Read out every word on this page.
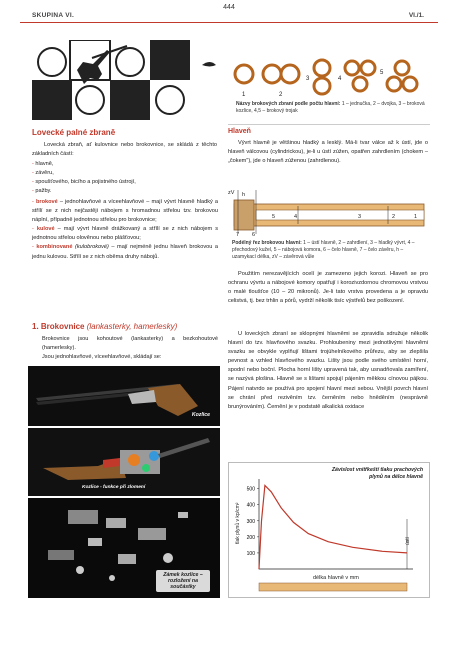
444
SKUPINA VI.	VI./1.
Lovecké palné zbraně
Lovecká zbraň, ať kulovnice nebo brokovnice, se skládá z těchto základních částí:
- hlavně,
- závěru,
- spoušťového, bicího a pojistného ústrojí,
- pažby.
- brokové – jednohlavňové a víceehlavňové – mají vývrt hlavně hladký a střílí se z nich nejčastěji nábojem s hromadnou střelou tzv. brokovou náplní, případně jednotnou střelou pro brokovnice;
- kulové – mají vývrt hlavně drážkovaný a střílí se z nich nábojem s jednotnou střelou olověnou nebo plášťovou;
- kombinované (kulobrokové) – mají nejméně jednu hlaveň brokovou a jednu kulovou. Střílí se z nich oběma druhy nábojů.
1. Brokovnice (lankasterky, hamerlesky)
Brokovnice jsou kohoutové (lankasterky) a bezkohoutové (hamerlesky).
Jsou jednohlavňové, víceehlavňové, skládají se:
Kozlice
Kozlice - funkce při zlomení
Zámek kozlice – rozložení na součástky
1	2
3	4
5
Názvy brokových zbraní podle počtu hlavní: 1 – jednučka, 2 – dvojka, 3 – broková kozlice, 4,5 – brokový trojak
Hlaveň
Vývrt hlavně je většinou hladký a lesklý. Má-li tvar válce až k ústí, jde o hlaveň válcovou (cylindrickou), je-li u ústí zúžen, opatřen zahrdlením (chokem – „čokem"), jde o hlaveň zúženou (zahrdlenou).
h
5	4	3	2	1
zV
6
7
Podélný řez brokovou hlavní: 1 – ústí hlavně, 2 – zahrdlení, 3 – hladký vývrt, 4 – přechodový kužel, 5 – nábojová komora, 6 – čelo hlavně, 7 – čelo závěru, h – uzamykací délka, zV – závěrová vůle
Použitím nerezavějících ocelí je zamezeno jejich korozi. Hlaveň se pro ochranu vývrtu a nábojové komory opatřují i korozivzdornou chromovou vrstvou o malé tloušťce (10 – 20 mikronů). Je-li tato vrstva provedena a je opravdu celistvá, tj. bez trhlin a pórů, vydrží několik tisíc výstřelů bez poškození.
U loveckých zbraní se sklopnými hlavněmi se zpravidla sdružuje několik hlavní do tzv. hlavňového svazku. Prohloubeniny mezi jednotlivými hlavněmi svazku se obvykle vyplňují lištami trojúhelníkového průřezu, aby se zlepšila pevnost a vzhled hlavňového svazku. Lišty jsou podle svého umístění horní, spodní nebo boční. Plocha horní lišty upravená tak, aby usnadňovala zamíření, se nazývá plošina. Hlavně se s lištami spojují pájením měkkou cínovou pájkou. Pájení natvrdo se používá pro spojení hlavní mezi sebou. Vnější povrch hlavní se chrání před rezivěním tzv. černěním nebo hněděním (nesprávně brunýrováním). Černění je v podstatě alkalická oxidace
100
200
300
400
500
délka hlavně v mm
tlak plynů v kp/cm²	ústí
Závislost vnitřkeští tlaku prachových plynů na délce hlavně
